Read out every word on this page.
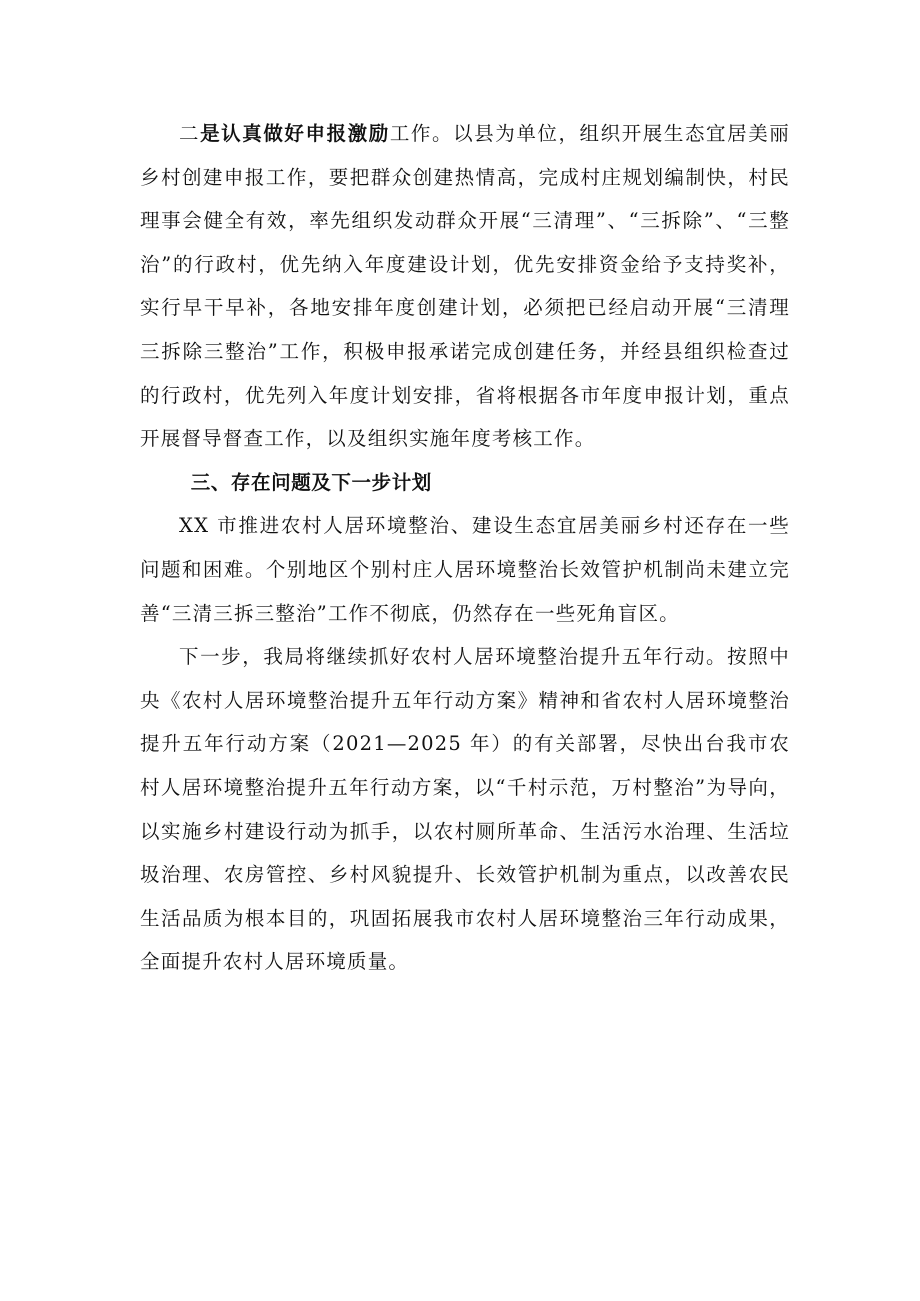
二是认真做好申报激励工作。以县为单位，组织开展生态宜居美丽乡村创建申报工作，要把群众创建热情高，完成村庄规划编制快，村民理事会健全有效，率先组织发动群众开展“三清理”、“三拆除”、“三整治”的行政村，优先纳入年度建设计划，优先安排资金给予支持奖补，实行早干早补，各地安排年度创建计划，必须把已经启动开展“三清理三拆除三整治”工作，积极申报承诺完成创建任务，并经县组织检查过的行政村，优先列入年度计划安排，省将根据各市年度申报计划，重点开展督导督查工作，以及组织实施年度考核工作。

三、存在问题及下一步计划

XX 市推进农村人居环境整治、建设生态宜居美丽乡村还存在一些问题和困难。个别地区个别村庄人居环境整治长效管护机制尚未建立完善“三清三拆三整治”工作不彻底，仍然存在一些死角盲区。

下一步，我局将继续抓好农村人居环境整治提升五年行动。按照中央《农村人居环境整治提升五年行动方案》精神和省农村人居环境整治提升五年行动方案（2021—2025 年）的有关部署，尽快出台我市农村人居环境整治提升五年行动方案，以“千村示范，万村整治”为导向，以实施乡村建设行动为抓手，以农村厕所革命、生活污水治理、生活垃圾治理、农房管控、乡村风貌提升、长效管护机制为重点，以改善农民生活品质为根本目的，巩固拓展我市农村人居环境整治三年行动成果，全面提升农村人居环境质量。
